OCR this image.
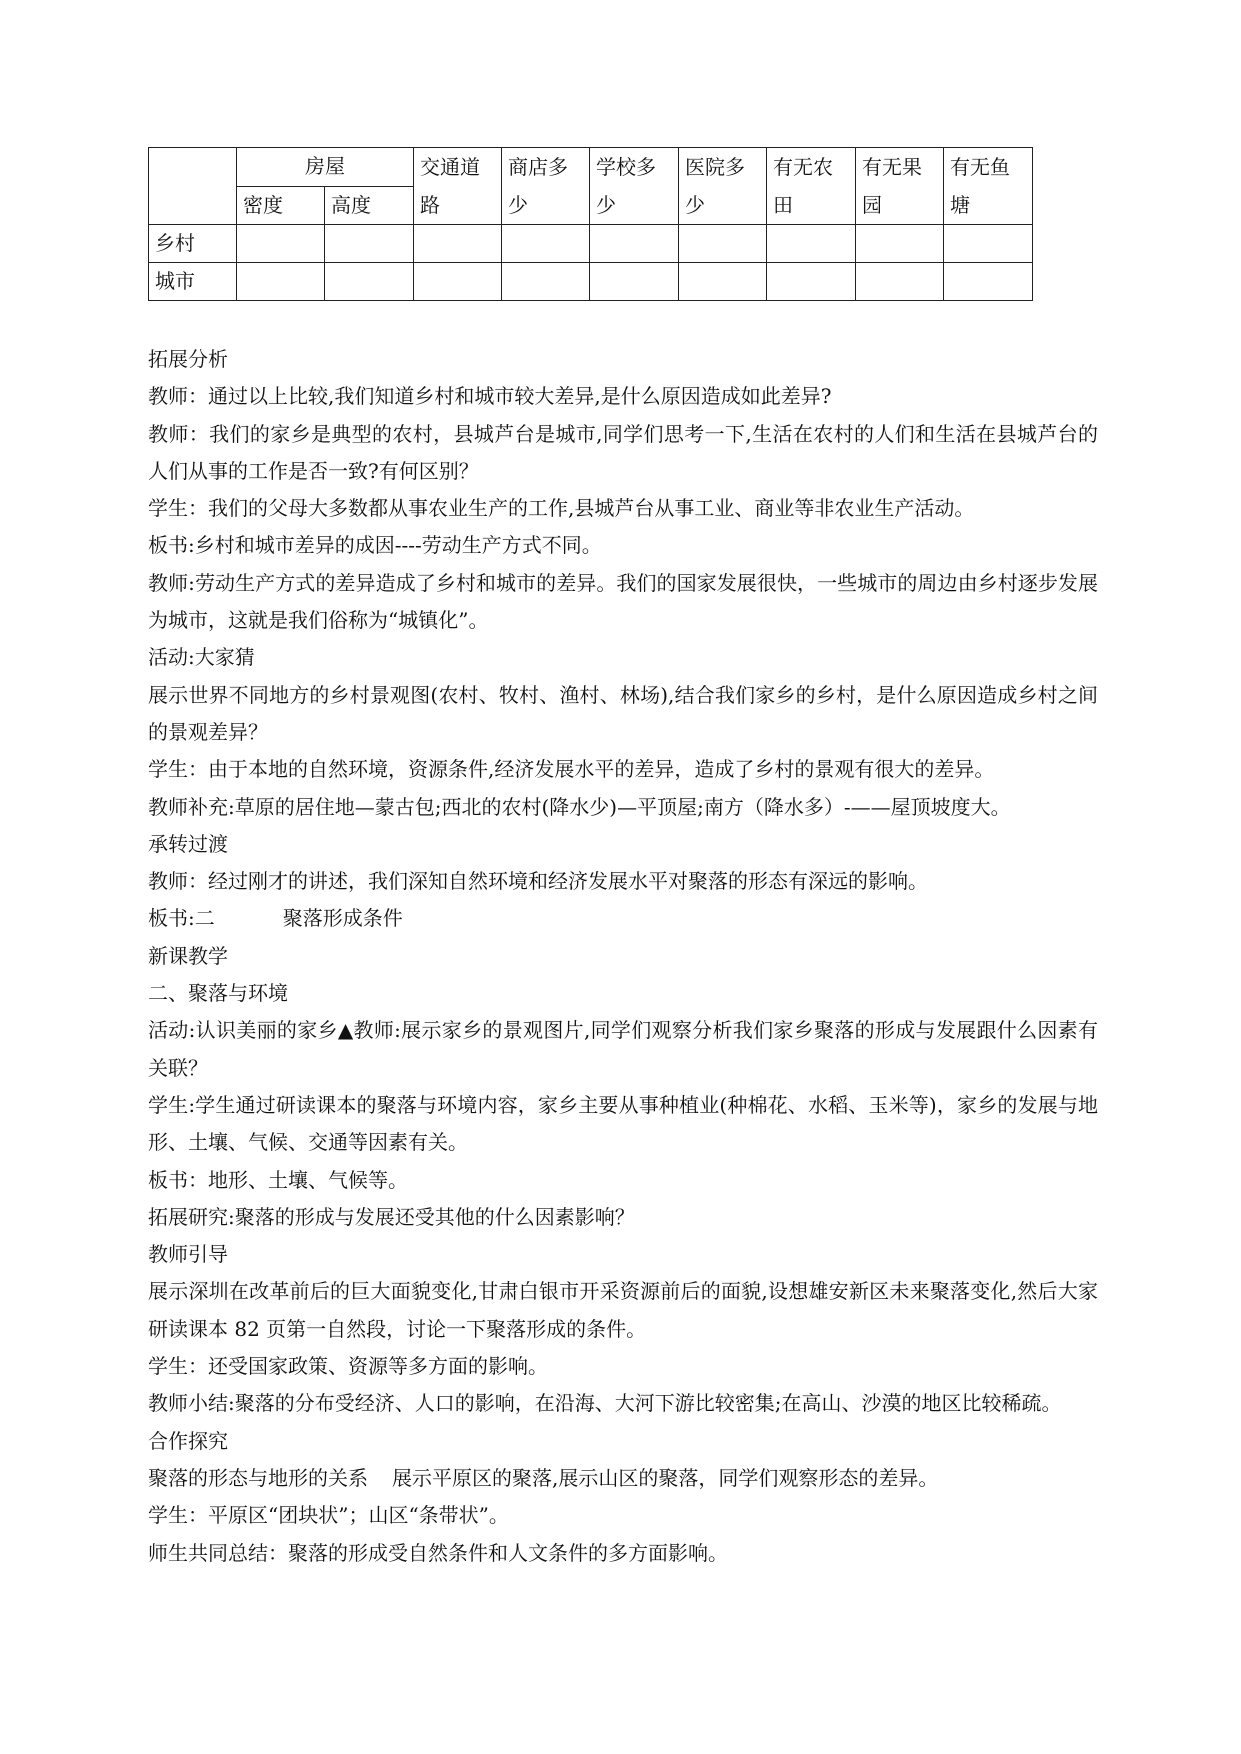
	房屋		交通道路	商店多少	学校多少	医院多少	有无农田	有无果园	有无鱼塘
	密度	高度							
乡村									
城市									

拓展分析

教师：通过以上比较,我们知道乡村和城市较大差异,是什么原因造成如此差异?

教师：我们的家乡是典型的农村，县城芦台是城市,同学们思考一下,生活在农村的人们和生活在县城芦台的人们从事的工作是否一致?有何区别？

学生：我们的父母大多数都从事农业生产的工作,县城芦台从事工业、商业等非农业生产活动。

板书:乡村和城市差异的成因----劳动生产方式不同。

教师:劳动生产方式的差异造成了乡村和城市的差异。我们的国家发展很快，一些城市的周边由乡村逐步发展为城市，这就是我们俗称为“城镇化”。

活动:大家猜

展示世界不同地方的乡村景观图(农村、牧村、渔村、林场),结合我们家乡的乡村，是什么原因造成乡村之间的景观差异？

学生：由于本地的自然环境，资源条件,经济发展水平的差异，造成了乡村的景观有很大的差异。

教师补充:草原的居住地—蒙古包;西北的农村(降水少)—平顶屋;南方（降水多）-——屋顶坡度大。

承转过渡

教师：经过刚才的讲述，我们深知自然环境和经济发展水平对聚落的形态有深远的影响。

板书:二	聚落形成条件

新课教学

二、聚落与环境

活动:认识美丽的家乡▲教师:展示家乡的景观图片,同学们观察分析我们家乡聚落的形成与发展跟什么因素有关联？

学生:学生通过研读课本的聚落与环境内容，家乡主要从事种植业(种棉花、水稻、玉米等)，家乡的发展与地形、土壤、气候、交通等因素有关。

板书：地形、土壤、气候等。

拓展研究:聚落的形成与发展还受其他的什么因素影响？

教师引导

展示深圳在改革前后的巨大面貌变化,甘肃白银市开采资源前后的面貌,设想雄安新区未来聚落变化,然后大家研读课本 82 页第一自然段，讨论一下聚落形成的条件。

学生：还受国家政策、资源等多方面的影响。

教师小结:聚落的分布受经济、人口的影响，在沿海、大河下游比较密集;在高山、沙漠的地区比较稀疏。

合作探究

聚落的形态与地形的关系 展示平原区的聚落,展示山区的聚落，同学们观察形态的差异。

学生：平原区“团块状”；山区“条带状”。

师生共同总结：聚落的形成受自然条件和人文条件的多方面影响。
